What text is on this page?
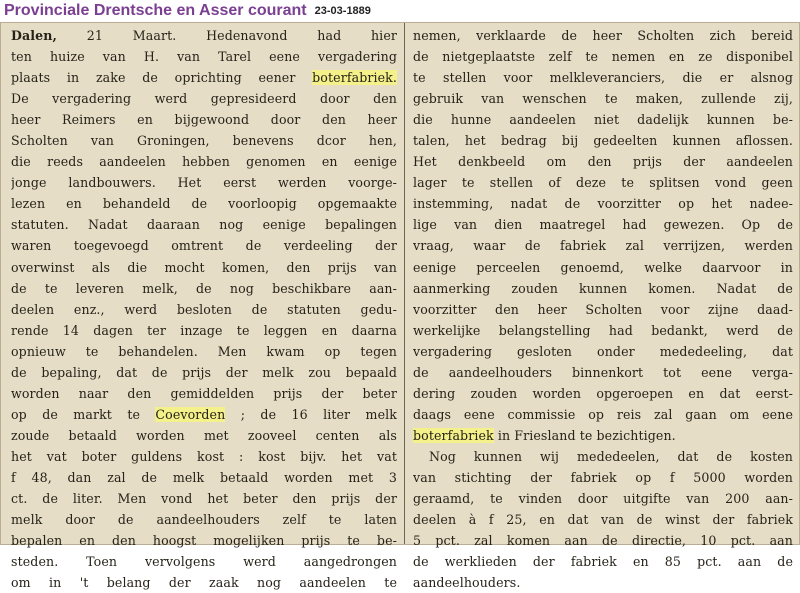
Provinciale Drentsche en Asser courant 23-03-1889
Dalen, 21 Maart. Hedenavond had hier
ten huize van H. van Tarel eene vergadering
plaats in zake de oprichting eener boterfabriek.
De vergadering werd gepresideerd door den
heer Reimers en bijgewoond door den heer
Scholten van Groningen, benevens dcor hen,
die reeds aandeelen hebben genomen en eenige
jonge landbouwers. Het eerst werden voorge-
lezen en behandeld de voorloopig opgemaakte
statuten. Nadat daaraan nog eenige bepalingen
waren toegevoegd omtrent de verdeeling der
overwinst als die mocht komen, den prijs van
de te leveren melk, de nog beschikbare aan-
deelen enz., werd besloten de statuten gedu-
rende 14 dagen ter inzage te leggen en daarna
opnieuw te behandelen. Men kwam op tegen
de bepaling, dat de prijs der melk zou bepaald
worden naar den gemiddelden prijs der beter
op de markt te Coevorden ; de 16 liter melk
zoude betaald worden met zooveel centen als
het vat boter guldens kost : kost bijv. het vat
f 48, dan zal de melk betaald worden met 3
ct. de liter. Men vond het beter den prijs der
melk door de aandeelhouders zelf te laten
bepalen en den hoogst mogelijken prijs te be-
steden. Toen vervolgens werd aangedrongen
om in 't belang der zaak nog aandeelen te
nemen, verklaarde de heer Scholten zich bereid
de nietgeplaatste zelf te nemen en ze disponibel
te stellen voor melkleveranciers, die er alsnog
gebruik van wenschen te maken, zullende zij,
die hunne aandeelen niet dadelijk kunnen be-
talen, het bedrag bij gedeelten kunnen aflossen.
Het denkbeeld om den prijs der aandeelen
lager te stellen of deze te splitsen vond geen
instemming, nadat de voorzitter op het nadee-
lige van dien maatregel had gewezen. Op de
vraag, waar de fabriek zal verrijzen, werden
eenige perceelen genoemd, welke daarvoor in
aanmerking zouden kunnen komen. Nadat de
voorzitter den heer Scholten voor zijne daad-
werkelijke belangstelling had bedankt, werd de
vergadering gesloten onder mededeeling, dat
de aandeelhouders binnenkort tot eene verga-
dering zouden worden opgeroepen en dat eerst-
daags eene commissie op reis zal gaan om eene
boterfabriek in Friesland te bezichtigen.
Nog kunnen wij mededeelen, dat de kosten
van stichting der fabriek op f 5000 worden
geraamd, te vinden door uitgifte van 200 aan-
deelen à f 25, en dat van de winst der fabriek
5 pct. zal komen aan de directie, 10 pct. aan
de werklieden der fabriek en 85 pct. aan de
aandeelhouders.
